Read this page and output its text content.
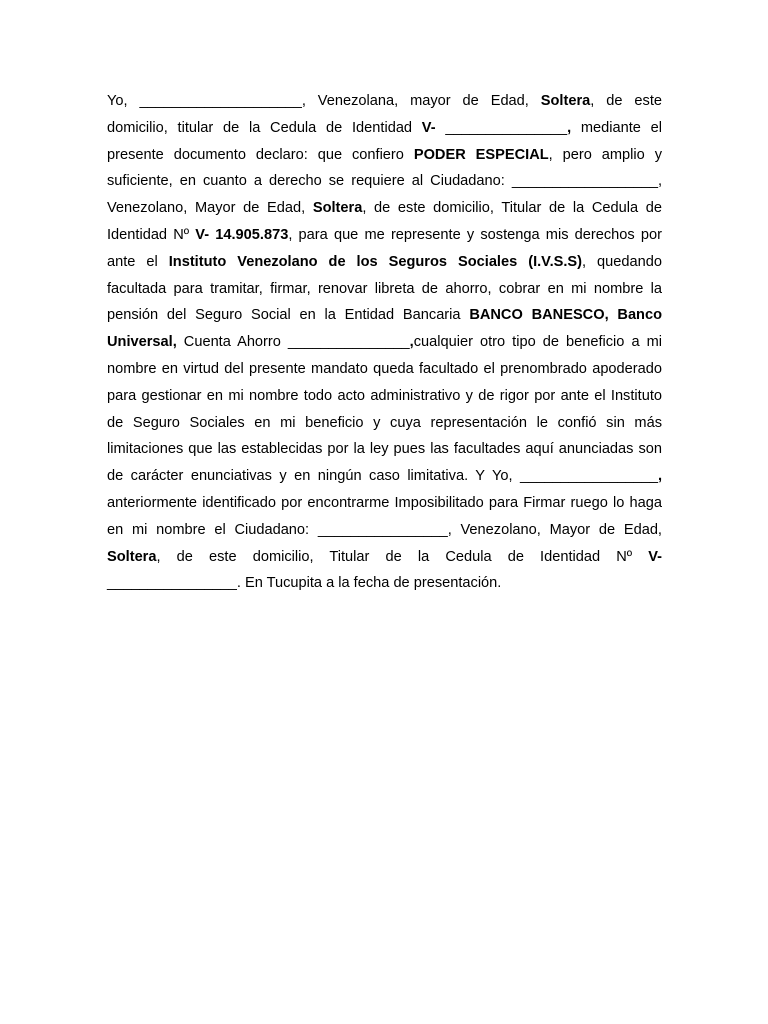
Yo, ____________________, Venezolana, mayor de Edad, Soltera, de este domicilio, titular de la Cedula de Identidad V- _______________, mediante el presente documento declaro: que confiero PODER ESPECIAL, pero amplio y suficiente, en cuanto a derecho se requiere al Ciudadano: __________________, Venezolano, Mayor de Edad, Soltera, de este domicilio, Titular de la Cedula de Identidad Nº V- 14.905.873, para que me represente y sostenga mis derechos por ante el Instituto Venezolano de los Seguros Sociales (I.V.S.S), quedando facultada para tramitar, firmar, renovar libreta de ahorro, cobrar en mi nombre la pensión del Seguro Social en la Entidad Bancaria BANCO BANESCO, Banco Universal, Cuenta Ahorro _______________,cualquier otro tipo de beneficio a mi nombre en virtud del presente mandato queda facultado el prenombrado apoderado para gestionar en mi nombre todo acto administrativo y de rigor por ante el Instituto de Seguro Sociales en mi beneficio y cuya representación le confió sin más limitaciones que las establecidas por la ley pues las facultades aquí anunciadas son de carácter enunciativas y en ningún caso limitativa. Y Yo, _________________, anteriormente identificado por encontrarme Imposibilitado para Firmar ruego lo haga en mi nombre el Ciudadano: ________________, Venezolano, Mayor de Edad, Soltera, de este domicilio, Titular de la Cedula de Identidad Nº V- ________________. En Tucupita a la fecha de presentación.
